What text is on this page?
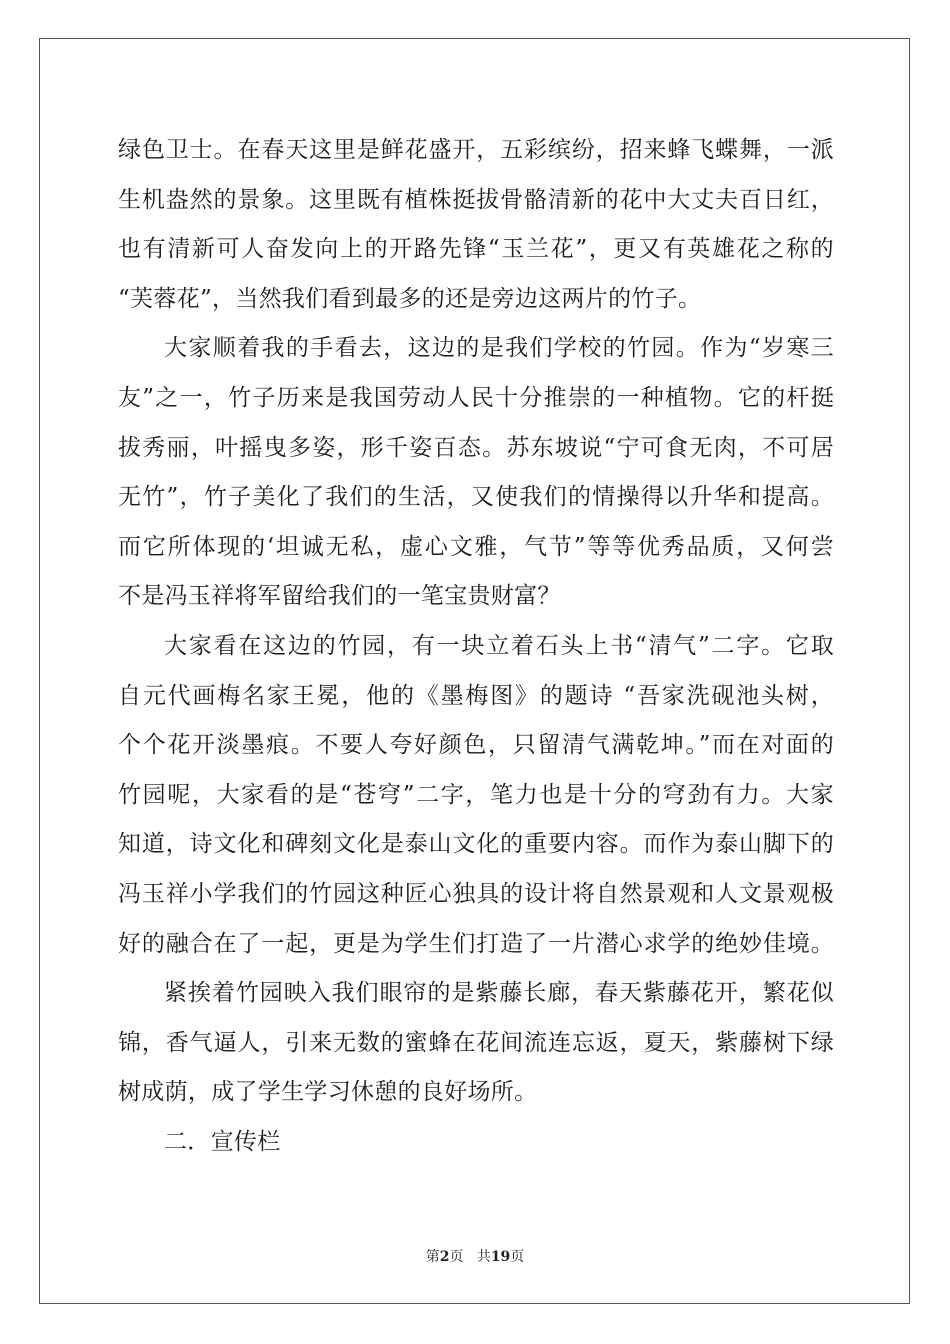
绿色卫士。在春天这里是鲜花盛开，五彩缤纷，招来蜂飞蝶舞，一派
生机盎然的景象。这里既有植株挺拔骨骼清新的花中大丈夫百日红，
也有清新可人奋发向上的开路先锋“玉兰花”，更又有英雄花之称的
“芙蓉花”，当然我们看到最多的还是旁边这两片的竹子。
大家顺着我的手看去，这边的是我们学校的竹园。作为“岁寒三
友”之一，竹子历来是我国劳动人民十分推崇的一种植物。它的杆挺
拔秀丽，叶摇曳多姿，形千姿百态。苏东坡说“宁可食无肉，不可居
无竹”，竹子美化了我们的生活，又使我们的情操得以升华和提高。
而它所体现的‘坦诚无私，虚心文雅，气节”等等优秀品质，又何尝
不是冯玉祥将军留给我们的一笔宝贵财富？
大家看在这边的竹园，有一块立着石头上书“清气”二字。它取
自元代画梅名家王冕，他的《墨梅图》的题诗 “吾家洗砚池头树，
个个花开淡墨痕。不要人夸好颜色，只留清气满乾坤。”而在对面的
竹园呢，大家看的是“苍穹”二字，笔力也是十分的穹劲有力。大家
知道，诗文化和碑刻文化是泰山文化的重要内容。而作为泰山脚下的
冯玉祥小学我们的竹园这种匠心独具的设计将自然景观和人文景观极
好的融合在了一起，更是为学生们打造了一片潜心求学的绝妙佳境。
紧挨着竹园映入我们眼帘的是紫藤长廊，春天紫藤花开，繁花似
锦，香气逼人，引来无数的蜜蜂在花间流连忘返，夏天，紫藤树下绿
树成荫，成了学生学习休憩的良好场所。
二．宣传栏
第2页 共19页
